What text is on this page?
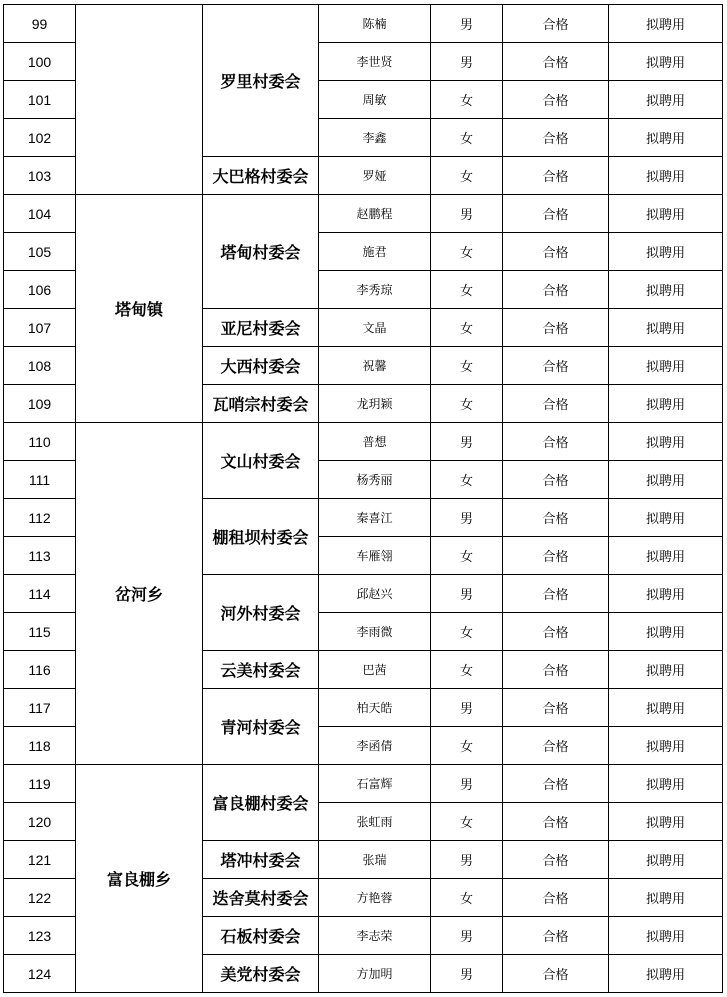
99		罗里村委会	陈楠	男	合格	拟聘用
100			李世贤	男	合格	拟聘用
101			周敏	女	合格	拟聘用
102			李鑫	女	合格	拟聘用
103		大巴格村委会	罗娅	女	合格	拟聘用
104	塔甸镇	塔甸村委会	赵鹏程	男	合格	拟聘用
105			施君	女	合格	拟聘用
106			李秀琼	女	合格	拟聘用
107		亚尼村委会	文晶	女	合格	拟聘用
108		大西村委会	祝馨	女	合格	拟聘用
109		瓦哨宗村委会	龙玥颖	女	合格	拟聘用
110	岔河乡	文山村委会	普想	男	合格	拟聘用
111			杨秀丽	女	合格	拟聘用
112		棚租坝村委会	秦喜江	男	合格	拟聘用
113			车雁翎	女	合格	拟聘用
114		河外村委会	邱赵兴	男	合格	拟聘用
115			李雨微	女	合格	拟聘用
116		云美村委会	巴茜	女	合格	拟聘用
117		青河村委会	柏天皓	男	合格	拟聘用
118			李函倩	女	合格	拟聘用
119	富良棚乡	富良棚村委会	石富辉	男	合格	拟聘用
120			张虹雨	女	合格	拟聘用
121		塔冲村委会	张瑞	男	合格	拟聘用
122		迭舍莫村委会	方艳蓉	女	合格	拟聘用
123		石板村委会	李志荣	男	合格	拟聘用
124		美党村委会	方加明	男	合格	拟聘用
